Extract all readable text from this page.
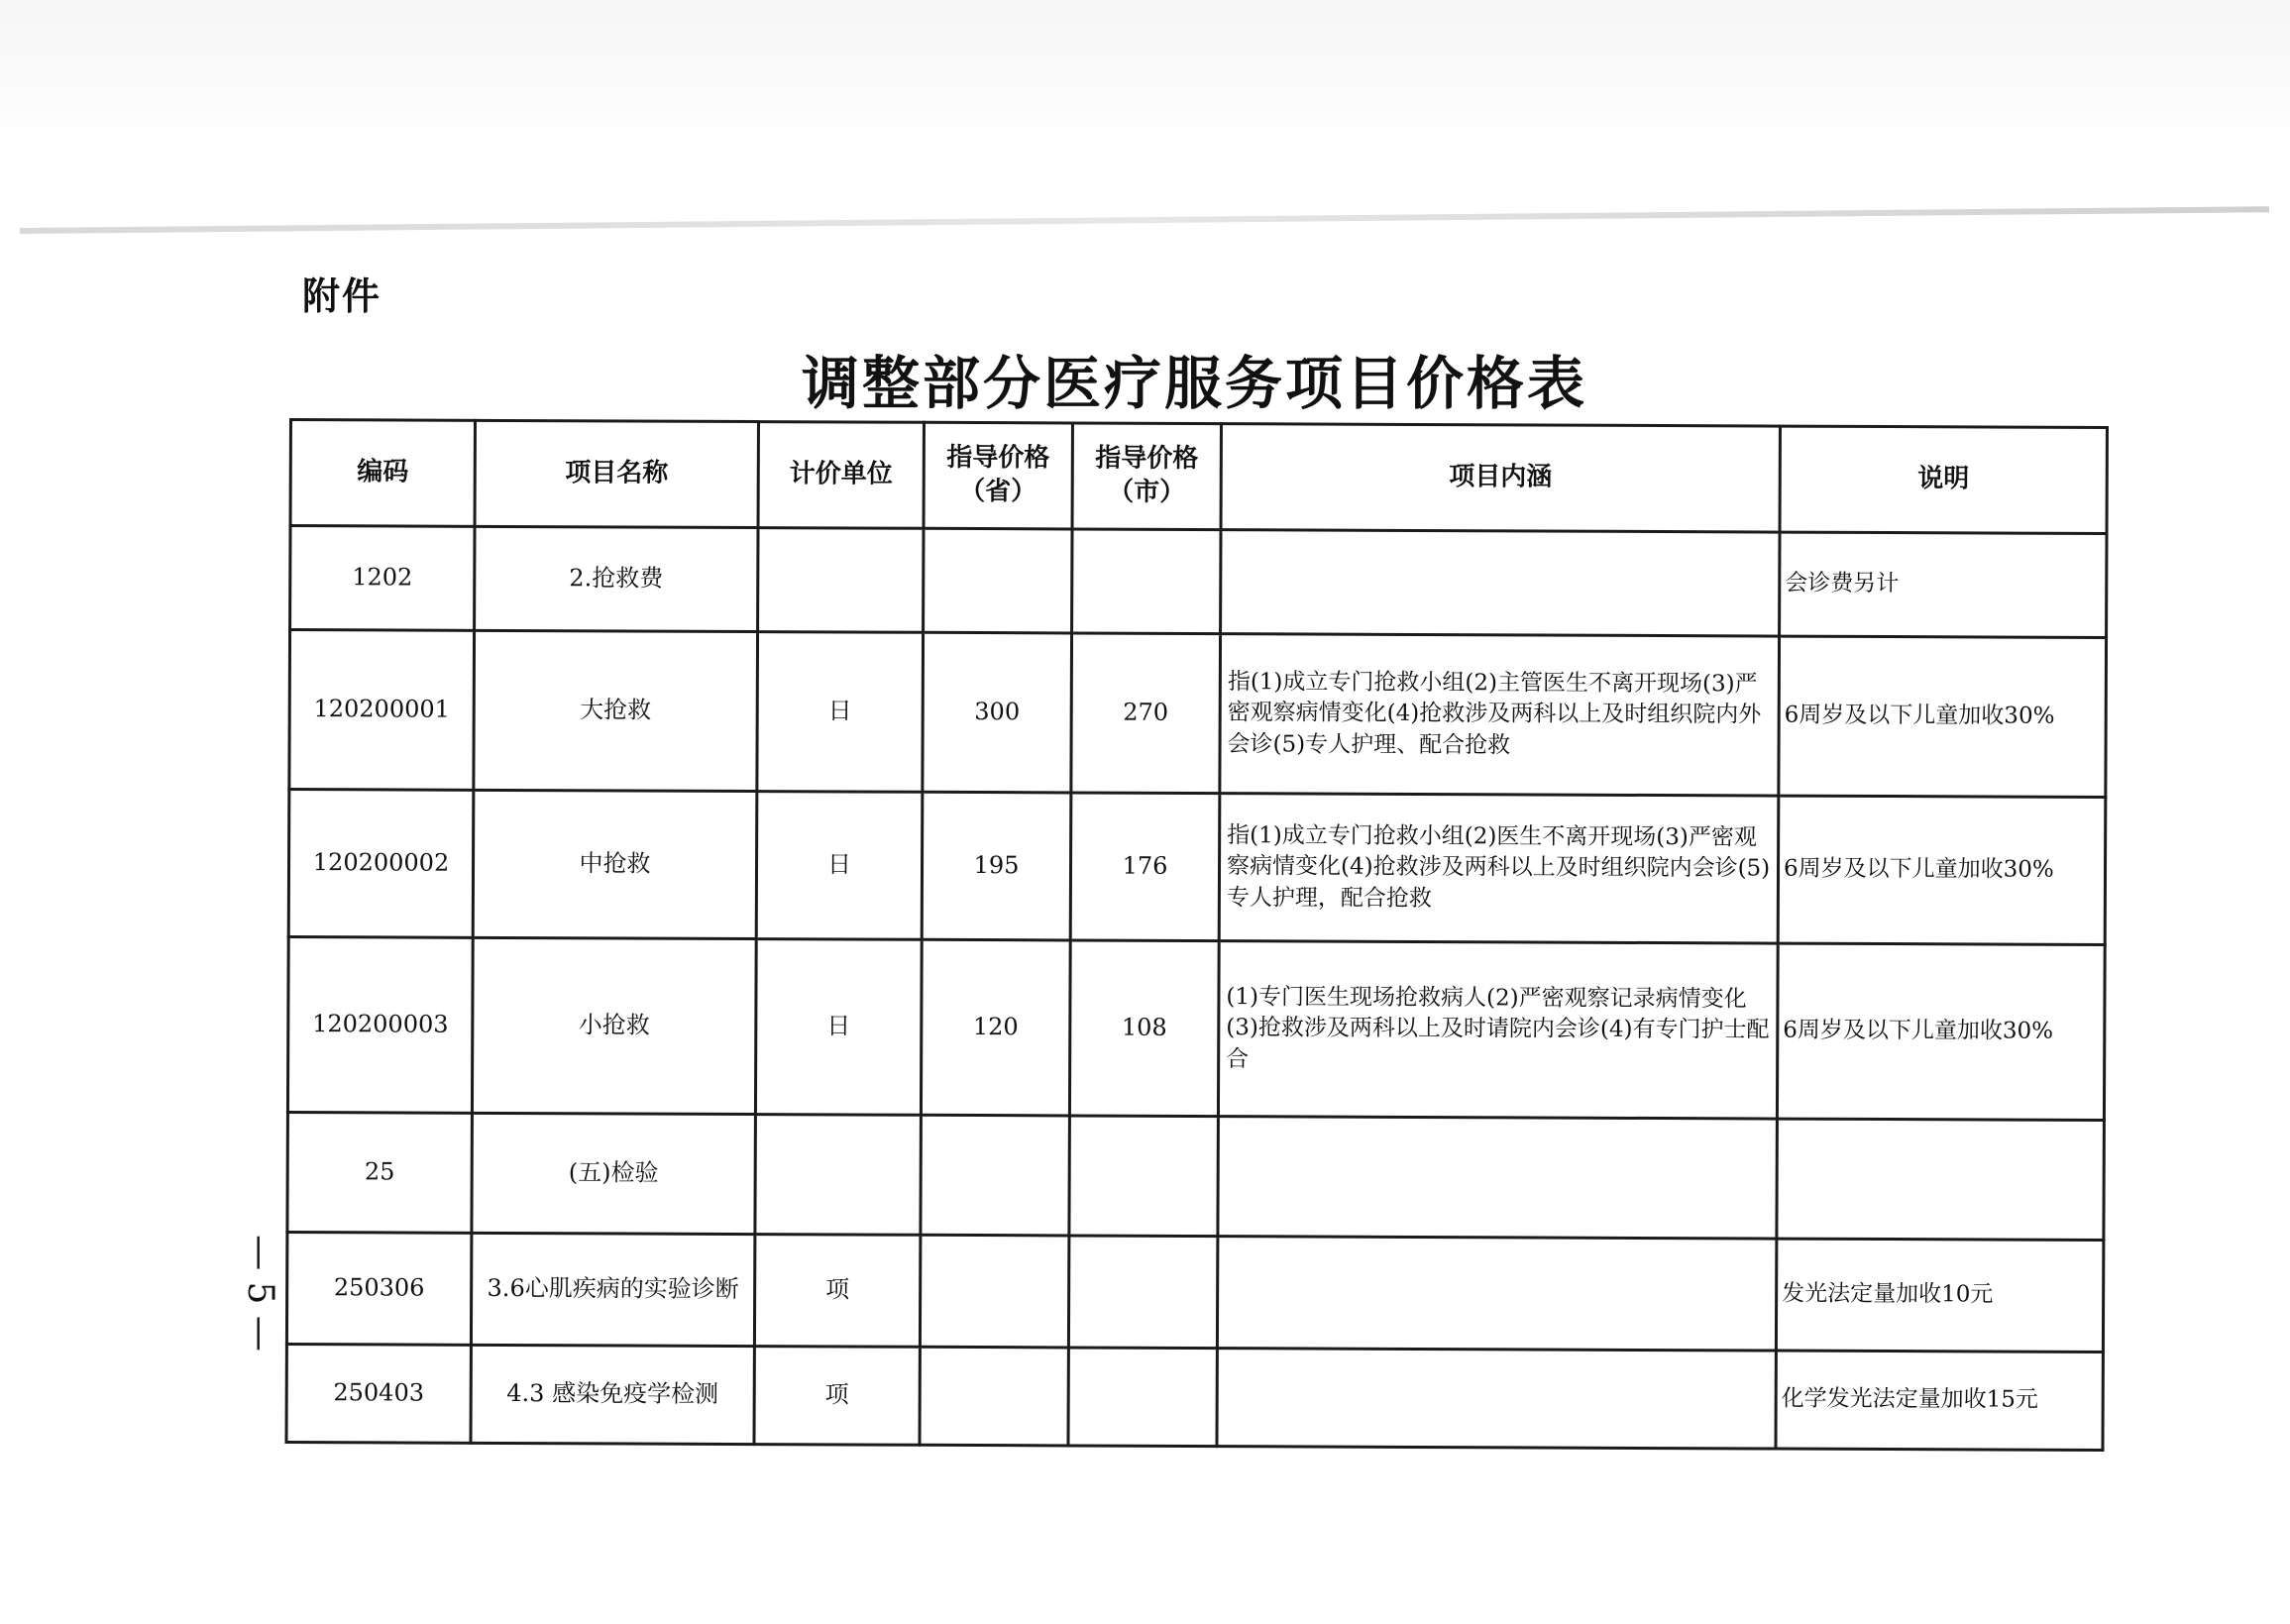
附件
调整部分医疗服务项目价格表
— 5 —
编码	项目名称	计价单位	指导价格（省）	指导价格（市）	项目内涵	说明
1202	2.抢救费					会诊费另计
120200001	大抢救	日	300	270	指(1)成立专门抢救小组(2)主管医生不离开现场(3)严密观察病情变化(4)抢救涉及两科以上及时组织院内外会诊(5)专人护理、配合抢救	6周岁及以下儿童加收30%
120200002	中抢救	日	195	176	指(1)成立专门抢救小组(2)医生不离开现场(3)严密观察病情变化(4)抢救涉及两科以上及时组织院内会诊(5)专人护理，配合抢救	6周岁及以下儿童加收30%
120200003	小抢救	日	120	108	(1)专门医生现场抢救病人(2)严密观察记录病情变化(3)抢救涉及两科以上及时请院内会诊(4)有专门护士配合	6周岁及以下儿童加收30%
25	(五)检验					
250306	3.6心肌疾病的实验诊断	项				发光法定量加收10元
250403	4.3 感染免疫学检测	项				化学发光法定量加收15元
